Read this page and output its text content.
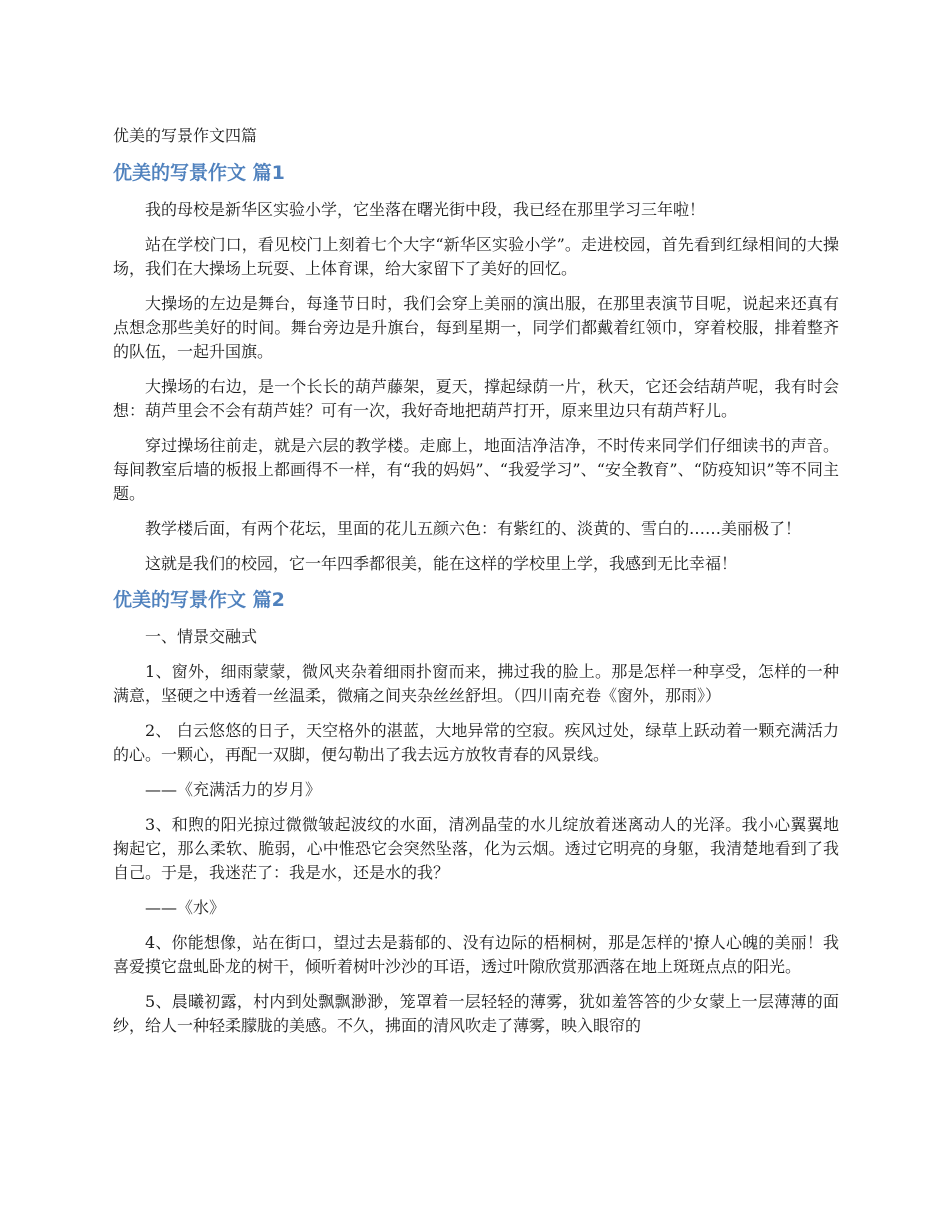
优美的写景作文四篇
优美的写景作文 篇1

我的母校是新华区实验小学，它坐落在曙光街中段，我已经在那里学习三年啦！

站在学校门口，看见校门上刻着七个大字“新华区实验小学”。走进校园，首先看到红绿相间的大操场，我们在大操场上玩耍、上体育课，给大家留下了美好的回忆。

大操场的左边是舞台，每逢节日时，我们会穿上美丽的演出服，在那里表演节目呢，说起来还真有点想念那些美好的时间。舞台旁边是升旗台，每到星期一，同学们都戴着红领巾，穿着校服，排着整齐的队伍，一起升国旗。

大操场的右边，是一个长长的葫芦藤架，夏天，撑起绿荫一片，秋天，它还会结葫芦呢，我有时会想：葫芦里会不会有葫芦娃？可有一次，我好奇地把葫芦打开，原来里边只有葫芦籽儿。

穿过操场往前走，就是六层的教学楼。走廊上，地面洁净洁净，不时传来同学们仔细读书的声音。每间教室后墙的板报上都画得不一样，有“我的妈妈”、“我爱学习”、“安全教育”、“防疫知识”等不同主题。

教学楼后面，有两个花坛，里面的花儿五颜六色：有紫红的、淡黄的、雪白的……美丽极了！

这就是我们的校园，它一年四季都很美，能在这样的学校里上学，我感到无比幸福！

优美的写景作文 篇2

一、情景交融式

1、窗外，细雨蒙蒙，微风夹杂着细雨扑窗而来，拂过我的脸上。那是怎样一种享受，怎样的一种满意，坚硬之中透着一丝温柔，微痛之间夹杂丝丝舒坦。（四川南充卷《窗外，那雨》）

2、 白云悠悠的日子，天空格外的湛蓝，大地异常的空寂。疾风过处，绿草上跃动着一颗充满活力的心。一颗心，再配一双脚，便勾勒出了我去远方放牧青春的风景线。

——《充满活力的岁月》

3、和煦的阳光掠过微微皱起波纹的水面，清冽晶莹的水儿绽放着迷离动人的光泽。我小心翼翼地掬起它，那么柔软、脆弱，心中惟恐它会突然坠落，化为云烟。透过它明亮的身躯，我清楚地看到了我自己。于是，我迷茫了：我是水，还是水的我？

——《水》

4、你能想像，站在街口，望过去是蓊郁的、没有边际的梧桐树，那是怎样的'撩人心魄的美丽！我喜爱摸它盘虬卧龙的树干，倾听着树叶沙沙的耳语，透过叶隙欣赏那洒落在地上斑斑点点的阳光。

5、晨曦初露，村内到处飘飘渺渺，笼罩着一层轻轻的薄雾，犹如羞答答的少女蒙上一层薄薄的面纱，给人一种轻柔朦胧的美感。不久，拂面的清风吹走了薄雾，映入眼帘的
